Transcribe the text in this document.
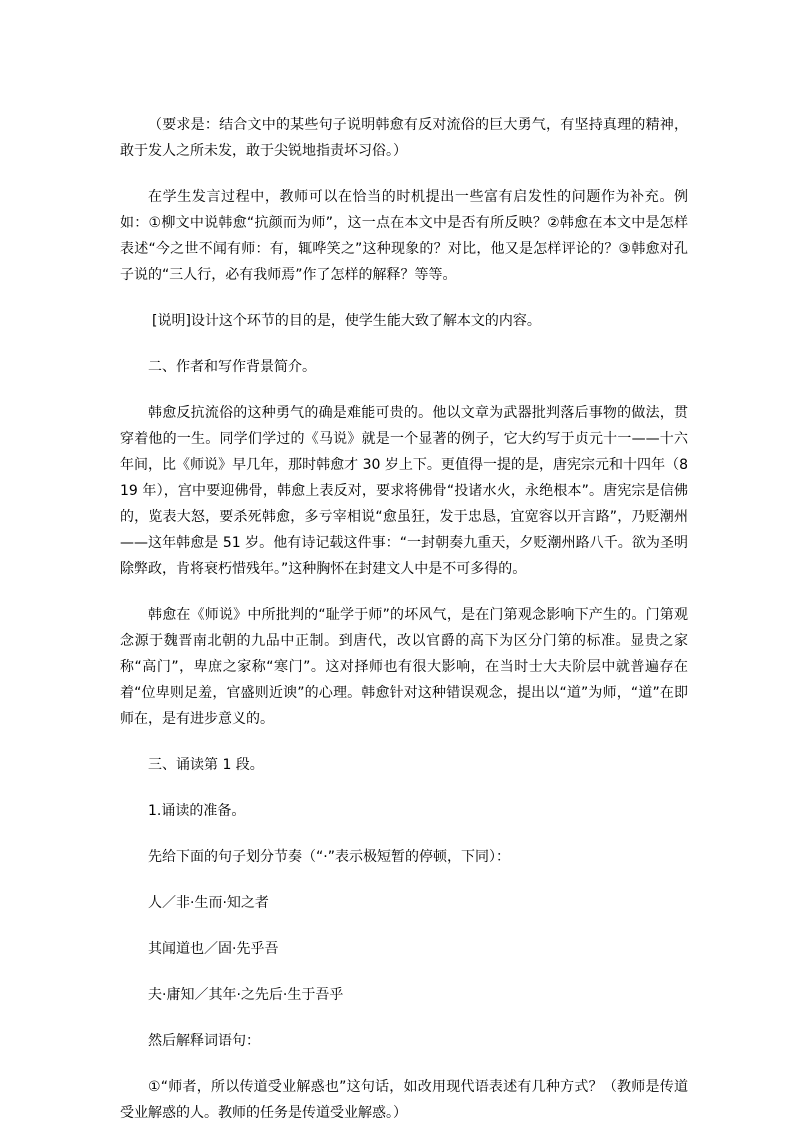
（要求是：结合文中的某些句子说明韩愈有反对流俗的巨大勇气，有坚持真理的精神，敢于发人之所未发，敢于尖锐地指责坏习俗。）

在学生发言过程中，教师可以在恰当的时机提出一些富有启发性的问题作为补充。例如：①柳文中说韩愈“抗颜而为师”，这一点在本文中是否有所反映？②韩愈在本文中是怎样表述“今之世不闻有师：有，辄哗笑之”这种现象的？对比，他又是怎样评论的？③韩愈对孔子说的“三人行，必有我师焉”作了怎样的解释？等等。

[说明]设计这个环节的目的是，使学生能大致了解本文的内容。

二、作者和写作背景简介。

韩愈反抗流俗的这种勇气的确是难能可贵的。他以文章为武器批判落后事物的做法，贯穿着他的一生。同学们学过的《马说》就是一个显著的例子，它大约写于贞元十一——十六年间，比《师说》早几年，那时韩愈才 30 岁上下。更值得一提的是，唐宪宗元和十四年（819 年），宫中要迎佛骨，韩愈上表反对，要求将佛骨“投诸水火，永绝根本”。唐宪宗是信佛的，览表大怒，要杀死韩愈，多亏宰相说“愈虽狂，发于忠恳，宜宽容以开言路”，乃贬潮州——这年韩愈是 51 岁。他有诗记载这件事：“一封朝奏九重天，夕贬潮州路八千。欲为圣明除弊政，肯将衰朽惜残年。”这种胸怀在封建文人中是不可多得的。

韩愈在《师说》中所批判的“耻学于师”的坏风气，是在门第观念影响下产生的。门第观念源于魏晋南北朝的九品中正制。到唐代，改以官爵的高下为区分门第的标准。显贵之家称“高门”，卑庶之家称“寒门”。这对择师也有很大影响，在当时士大夫阶层中就普遍存在着“位卑则足羞，官盛则近谀”的心理。韩愈针对这种错误观念，提出以“道”为师，“道”在即师在，是有进步意义的。

三、诵读第 1 段。

1.诵读的准备。

先给下面的句子划分节奏（“·”表示极短暂的停顿，下同）：

人／非·生而·知之者

其闻道也／固·先乎吾

夫·庸知／其年·之先后·生于吾乎

然后解释词语句：

①“师者，所以传道受业解惑也”这句话，如改用现代语表述有几种方式？（教师是传道受业解惑的人。教师的任务是传道受业解惑。）
